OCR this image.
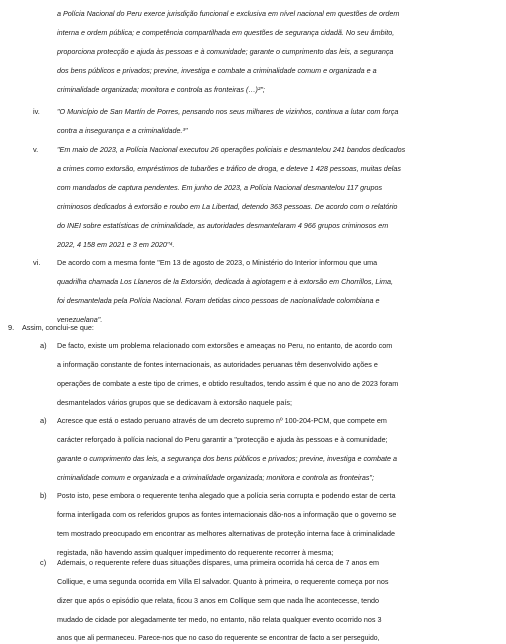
a Polícia Nacional do Peru exerce jurisdição funcional e exclusiva em nível nacional em questões de ordem
interna e ordem pública; e competência compartilhada em questões de segurança cidadã. No seu âmbito,
proporciona protecção e ajuda às pessoas e à comunidade; garante o cumprimento das leis, a segurança
dos bens públicos e privados; previne, investiga e combate a criminalidade comum e organizada e a
criminalidade organizada; monitora e controla as fronteiras (…)²";
iv. "O Município de San Martín de Porres, pensando nos seus milhares de vizinhos, continua a lutar com força
contra a insegurança e a criminalidade.³"
v.	"Em maio de 2023, a Polícia Nacional executou 26 operações policiais e desmantelou 241 bandos dedicados
a crimes como extorsão, empréstimos de tubarões e tráfico de droga, e deteve 1 428 pessoas, muitas delas
com mandados de captura pendentes. Em junho de 2023, a Polícia Nacional desmantelou 117 grupos
criminosos dedicados à extorsão e roubo em La Libertad, detendo 363 pessoas. De acordo com o relatório
do INEI sobre estatísticas de criminalidade, as autoridades desmantelaram 4 966 grupos criminosos em
2022, 4 158 em 2021 e 3 em 2020"⁴.
vi. De acordo com a mesma fonte "Em 13 de agosto de 2023, o Ministério do Interior informou que uma
quadrilha chamada Los Llaneros de la Extorsión, dedicada à agiotagem e à extorsão em Chorrillos, Lima,
foi desmantelada pela Polícia Nacional. Foram detidas cinco pessoas de nacionalidade colombiana e
venezuelana".
9. Assim, conclui-se que:
a) De facto, existe um problema relacionado com extorsões e ameaças no Peru, no entanto, de acordo com
a informação constante de fontes internacionais, as autoridades peruanas têm desenvolvido ações e
operações de combate a este tipo de crimes, e obtido resultados, tendo assim é que no ano de 2023 foram
desmantelados vários grupos que se dedicavam à extorsão naquele país;
a) Acresce que está o estado peruano através de um decreto supremo nº 100-204-PCM, que compete em
carácter reforçado à polícia nacional do Peru garantir a "protecção e ajuda às pessoas e à comunidade;
garante o cumprimento das leis, a segurança dos bens públicos e privados; previne, investiga e combate a
criminalidade comum e organizada e a criminalidade organizada; monitora e controla as fronteiras";
b) Posto isto, pese embora o requerente tenha alegado que a polícia seria corrupta e podendo estar de certa
forma interligada com os referidos grupos as fontes internacionais dão-nos a informação que o governo se
tem mostrado preocupado em encontrar as melhores alternativas de proteção interna face à criminalidade
registada, não havendo assim qualquer impedimento do requerente recorrer à mesma;
c) Ademais, o requerente refere duas situações díspares, uma primeira ocorrida há cerca de 7 anos em
Collique, e uma segunda ocorrida em Villa El salvador. Quanto à primeira, o requerente começa por nos
dizer que após o episódio que relata, ficou 3 anos em Collique sem que nada lhe acontecesse, tendo
mudado de cidade por alegadamente ter medo, no entanto, não relata qualquer evento ocorrido nos 3
anos que ali permaneceu. Parece-nos que no caso do requerente se encontrar de facto a ser perseguido,
